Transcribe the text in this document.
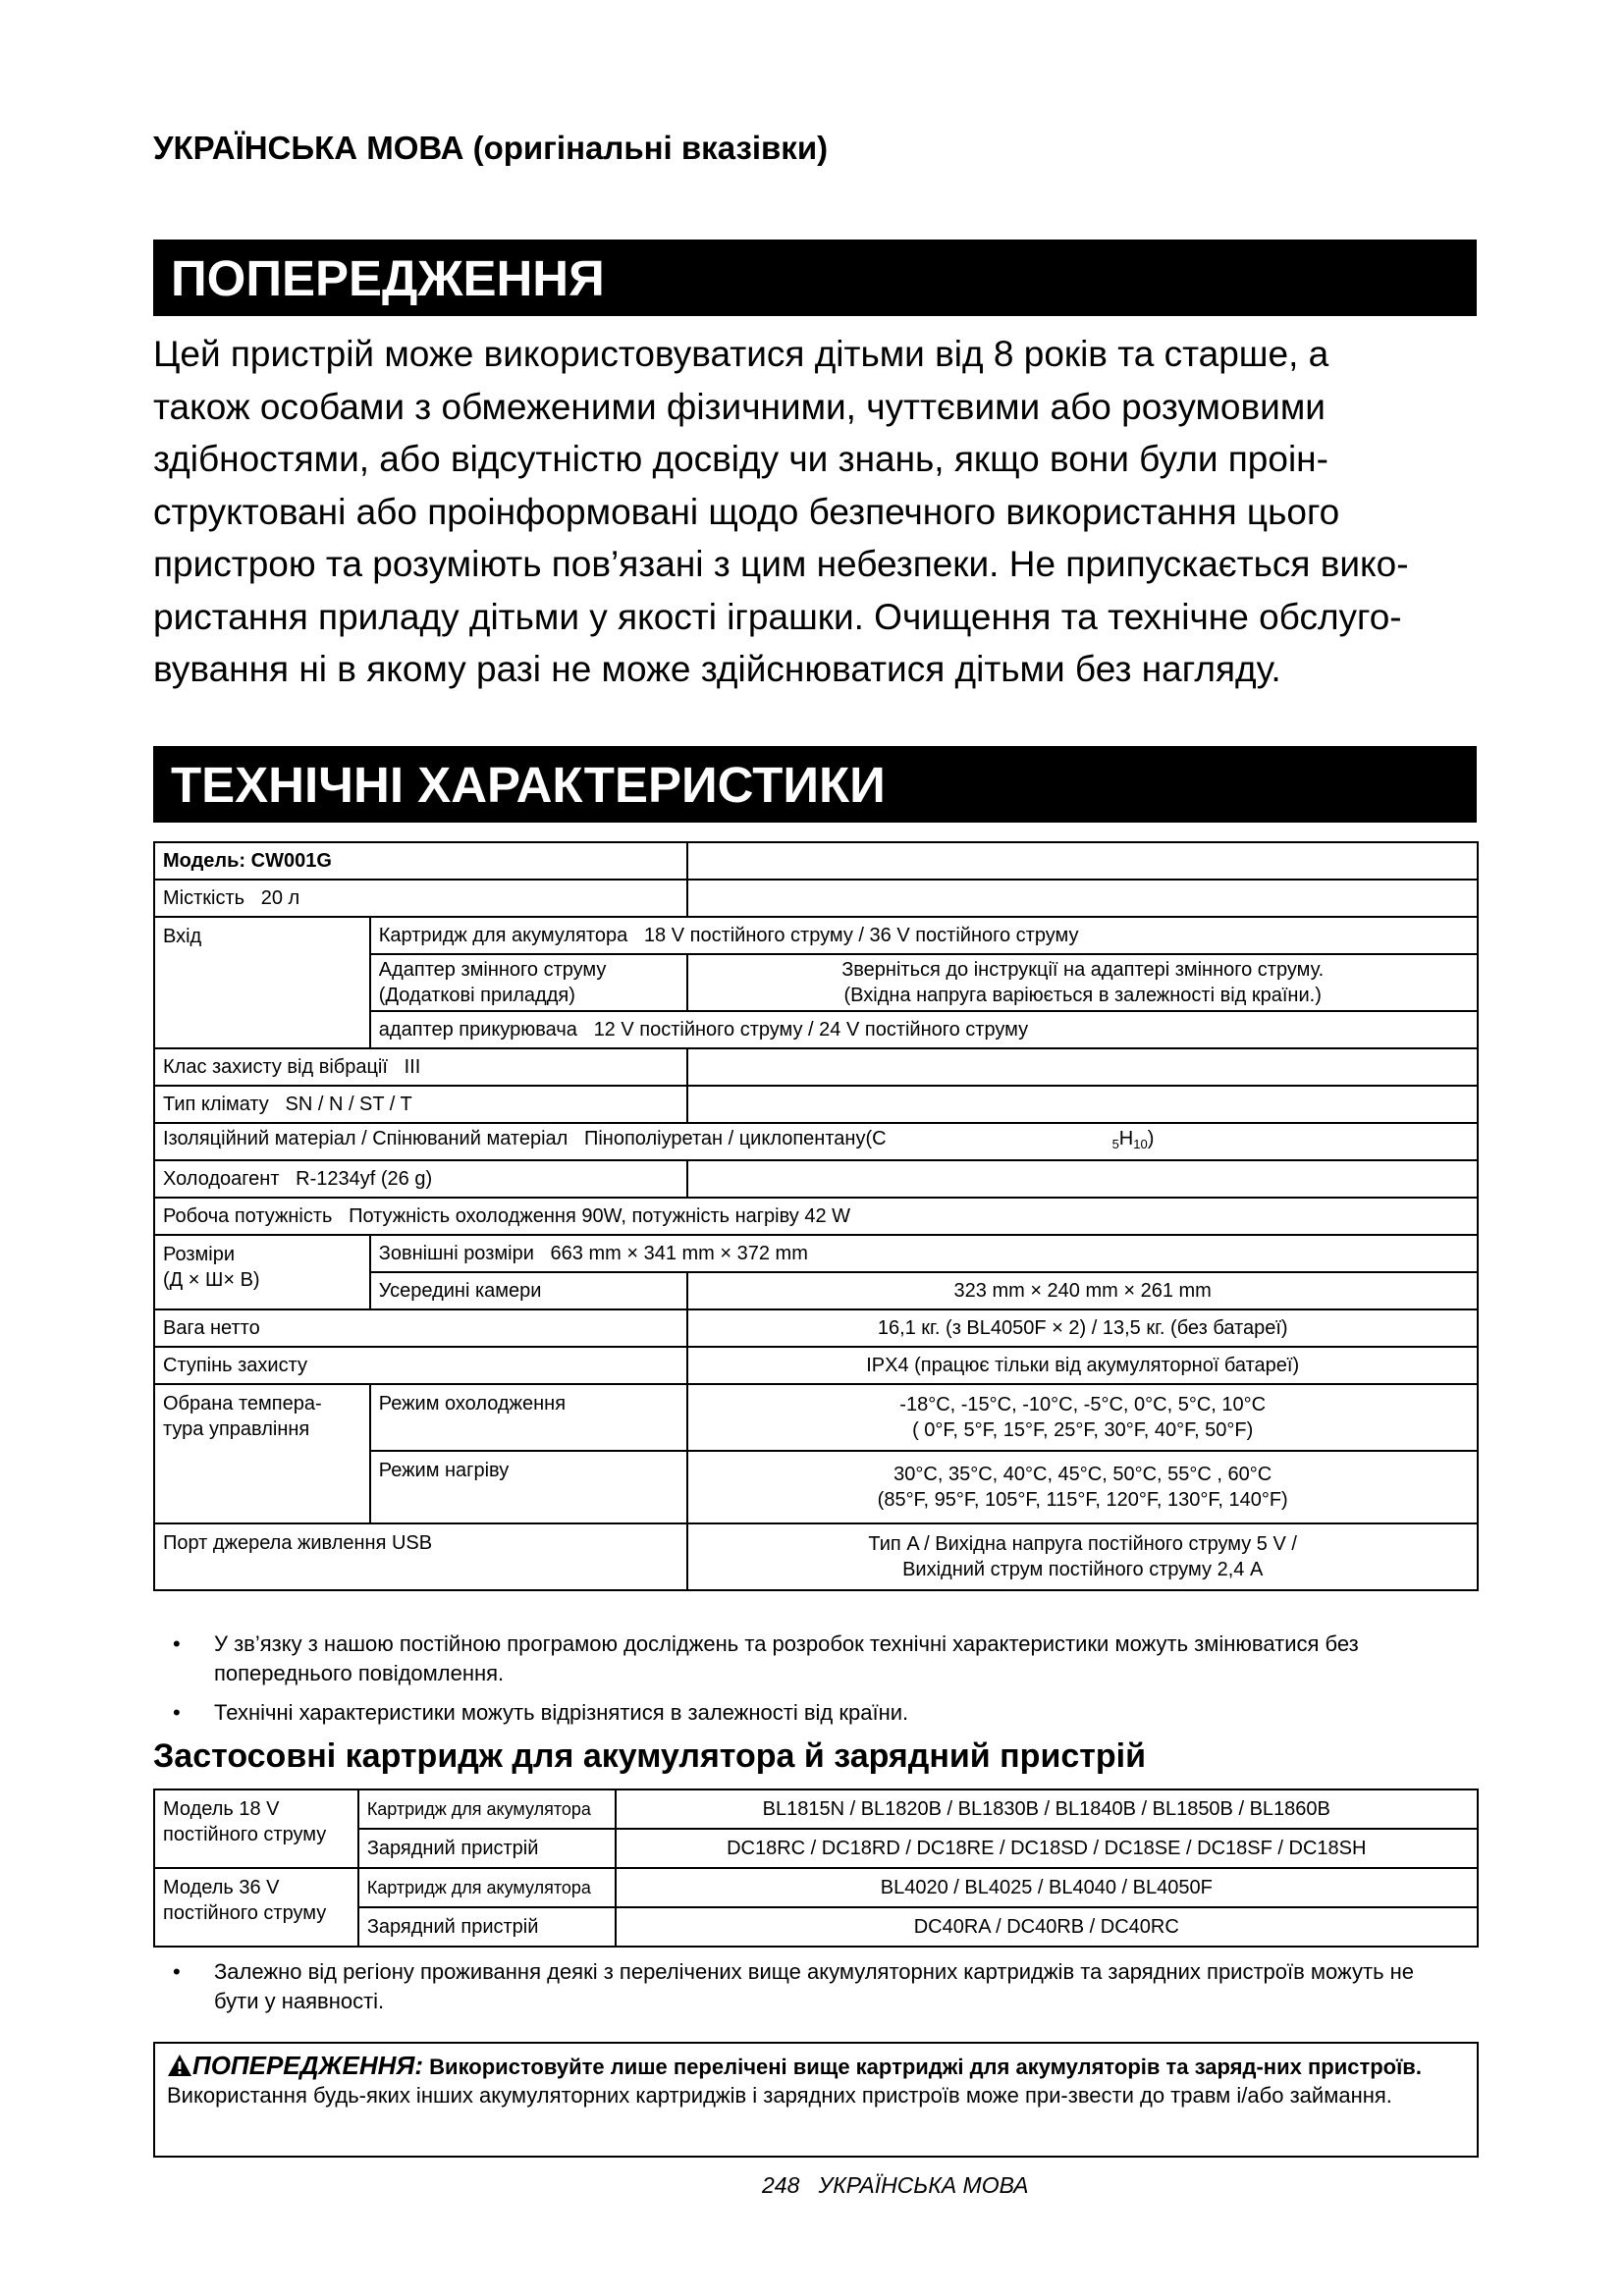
УКРАЇНСЬКА МОВА (оригінальні вказівки)
ПОПЕРЕДЖЕННЯ

Цей пристрій може використовуватися дітьми від 8 років та старше, а

також особами з обмеженими фізичними, чуттєвими або розумовими

здібностями, або відсутністю досвіду чи знань, якщо вони були проін-

структовані або проінформовані щодо безпечного використання цього

пристрою та розуміють пов’язані з цим небезпеки. Не припускається вико-

ристання приладу дітьми у якості іграшки. Очищення та технічне обслуго-

вування ні в якому разі не може здійснюватися дітьми без нагляду.

ТЕХНІЧНІ ХАРАКТЕРИСТИКИ
Модель: CW001G		
Місткість 20 л		
Вхід	Картридж для акумулятора 18 V постійного струму / 36 V постійного струму	
	Адаптер змінного струму
(Додаткові приладдя)	Зверніться до інструкції на адаптері змінного струму.
(Вхідна напруга варіюється в залежності від країни.)
	адаптер прикурювача 12 V постійного струму / 24 V постійного струму	
Клас захисту від вібрації III		
Тип клімату SN / N / ST / T		
Ізоляційний матеріал / Спінюваний матеріал Пінополіуретан / циклопентану(C $_5H_{10}$)		
Холодоагент R-1234yf (26 g)		
Робоча потужність Потужність охолодження 90W, потужність нагріву 42 W		
Розміри
(Д × Ш× В)	Зовнішні розміри 663 mm × 341 mm × 372 mm	
	Усередині камери	323 mm × 240 mm × 261 mm
Вага нетто		16,1 кг. (з BL4050F × 2) / 13,5 кг. (без батареї)
Ступінь захисту		IPX4 (працює тільки від акумуляторної батареї)
Обрана темпера-
тура управління	Режим охолодження	-18°C, -15°C, -10°C, -5°C, 0°C, 5°C, 10°C
( 0°F, 5°F, 15°F, 25°F, 30°F, 40°F, 50°F)
	Режим нагріву	30°C, 35°C, 40°C, 45°C, 50°C, 55°C , 60°C
(85°F, 95°F, 105°F, 115°F, 120°F, 130°F, 140°F)
Порт джерела живлення USB		Тип A / Вихідна напруга постійного струму 5 V /
Вихідний струм постійного струму 2,4 A
• У зв’язку з нашою постійною програмою досліджень та розробок технічні характеристики можуть змінюватися без попереднього повідомлення.
• Технічні характеристики можуть відрізнятися в залежності від країни.
Застосовні картридж для акумулятора й зарядний пристрій
Модель 18 V постійного струму	Картридж для акумулятора	BL1815N / BL1820B / BL1830B / BL1840B / BL1850B / BL1860B
	Зарядний пристрій	DC18RC / DC18RD / DC18RE / DC18SD / DC18SE / DC18SF / DC18SH
Модель 36 V постійного струму	Картридж для акумулятора	BL4020 / BL4025 / BL4040 / BL4050F
	Зарядний пристрій	DC40RA / DC40RB / DC40RC
• Залежно від регіону проживання деякі з перелічених вище акумуляторних картриджів та зарядних пристроїв можуть не бути у наявності.
ПОПЕРЕДЖЕННЯ: Використовуйте лише перелічені вище картриджі для акумуляторів та заряд-них пристроїв. Використання будь-яких інших акумуляторних картриджів і зарядних пристроїв може при-звести до травм і/або займання.
248 УКРАЇНСЬКА МОВА
